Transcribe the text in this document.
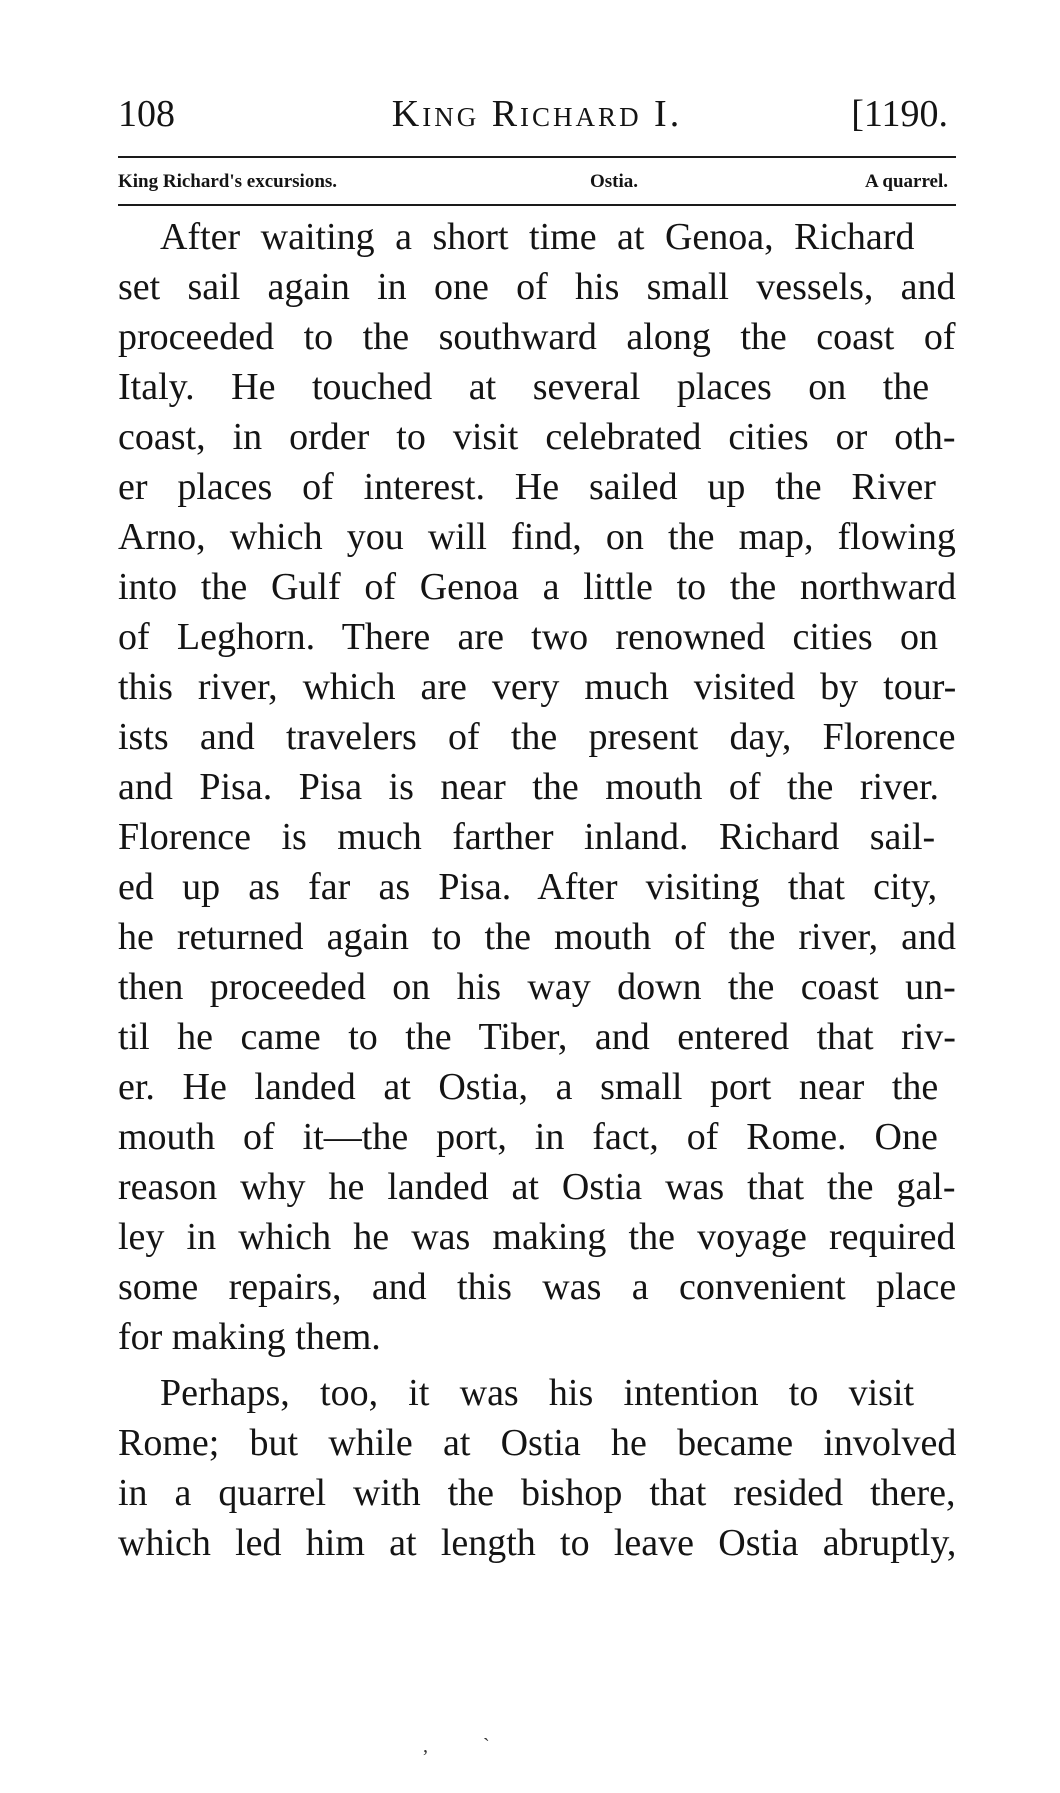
108	King Richard I.	[1190.
King Richard's excursions.	Ostia.	A quarrel.
After waiting a short time at Genoa, Richard
set sail again in one of his small vessels, and
proceeded to the southward along the coast of
Italy. He touched at several places on the
coast, in order to visit celebrated cities or oth-
er places of interest. He sailed up the River
Arno, which you will find, on the map, flowing
into the Gulf of Genoa a little to the northward
of Leghorn. There are two renowned cities on
this river, which are very much visited by tour-
ists and travelers of the present day, Florence
and Pisa. Pisa is near the mouth of the river.
Florence is much farther inland. Richard sail-
ed up as far as Pisa. After visiting that city,
he returned again to the mouth of the river, and
then proceeded on his way down the coast un-
til he came to the Tiber, and entered that riv-
er. He landed at Ostia, a small port near the
mouth of it—the port, in fact, of Rome. One
reason why he landed at Ostia was that the gal-
ley in which he was making the voyage required
some repairs, and this was a convenient place
for making them.
Perhaps, too, it was his intention to visit
Rome; but while at Ostia he became involved
in a quarrel with the bishop that resided there,
which led him at length to leave Ostia abruptly,
,           `
